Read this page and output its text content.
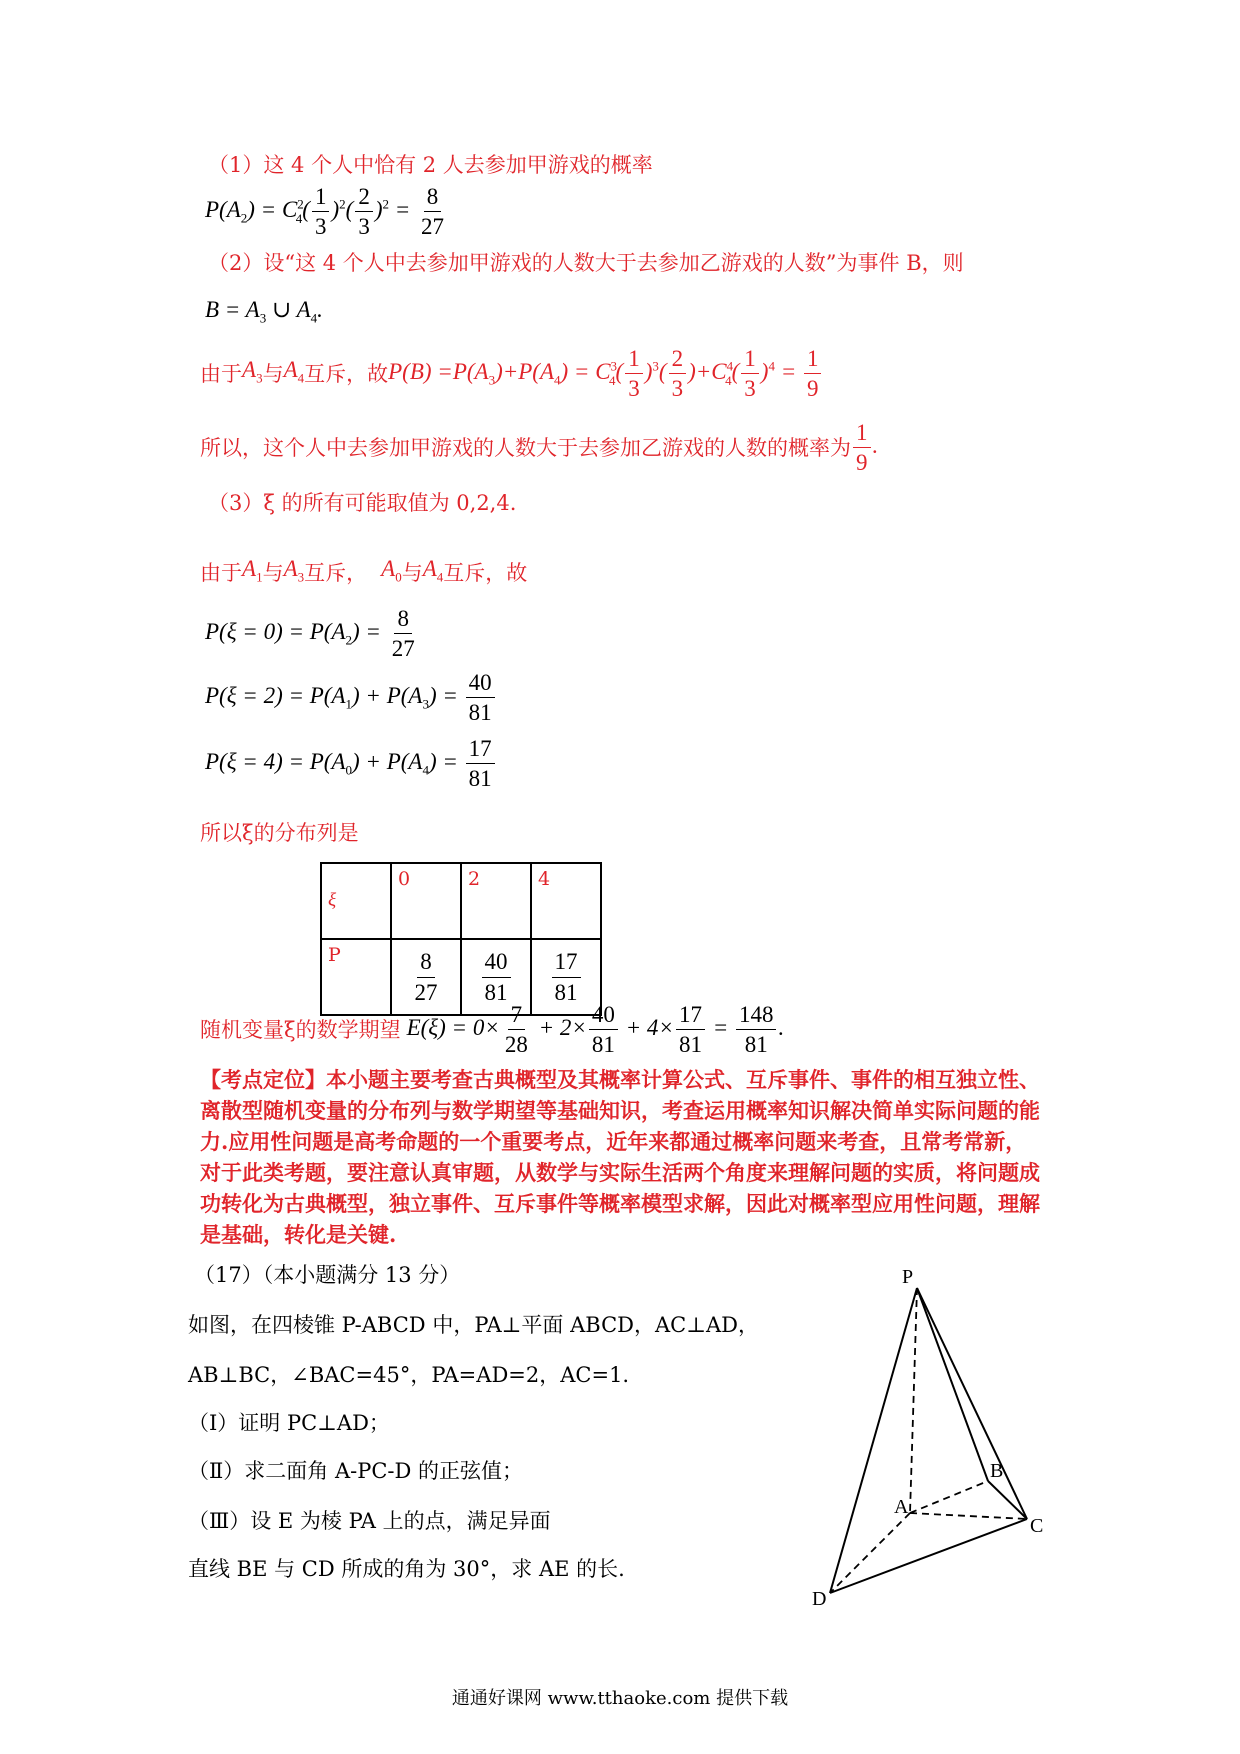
（1）这 4 个人中恰有 2 人去参加甲游戏的概率
$P(A_2) = C^2_4( \frac{1}{3} )^2( \frac{2}{3} )^2 = \frac{8}{27}$
（2）设“这 4 个人中去参加甲游戏的人数大于去参加乙游戏的人数”为事件 B，则
$B = A_3$ ∪ $A_4$.
由于 $A_3$ 与 $A_4$ 互斥，故 $P(B) =P(A_3)+P(A_4) = C^3_4( \frac{1}{3} )^3( \frac{2}{3} )+C^4_4( \frac{1}{3} )^4 = \frac{1}{9}$
所以，这个人中去参加甲游戏的人数大于去参加乙游戏的人数的概率为 $\frac{1}{9}$ .
（3）ξ 的所有可能取值为 0,2,4.
由于 $A_1$ 与 $A_3$ 互斥， $A_0$ 与 $A_4$ 互斥，故
$P(\xi = 0) = P(A_2) = \frac{8}{27}$
$P(\xi = 2) = P(A_1) + P(A_3) = \frac{40}{81}$
$P(\xi = 4) = P(A_0) + P(A_4) = \frac{17}{81}$
所以ξ的分布列是
ξ	0	2	4
P	$\frac{8}{27}$	$\frac{40}{81}$	$\frac{17}{81}$
随机变量ξ的数学期望 $E(\xi) = 0\times \frac{7}{28} + 2\times \frac{40}{81} + 4\times \frac{17}{81} = \frac{148}{81}$ .
【考点定位】本小题主要考查古典概型及其概率计算公式、互斥事件、事件的相互独立性、
离散型随机变量的分布列与数学期望等基础知识，考查运用概率知识解决简单实际问题的能
力.应用性问题是高考命题的一个重要考点，近年来都通过概率问题来考查，且常考常新，
对于此类考题，要注意认真审题，从数学与实际生活两个角度来理解问题的实质，将问题成
功转化为古典概型，独立事件、互斥事件等概率模型求解，因此对概率型应用性问题，理解
是基础，转化是关键.
（17）（本小题满分 13 分）
如图，在四棱锥 P-ABCD 中，PA⊥平面 ABCD，AC⊥AD，
AB⊥BC，∠BAC=45°，PA=AD=2，AC=1.
（Ⅰ）证明 PC⊥AD；
（Ⅱ）求二面角 A-PC-D 的正弦值；
（Ⅲ）设 E 为棱 PA 上的点，满足异面
直线 BE 与 CD 所成的角为 30°，求 AE 的长.
P
A
B
C
D
通通好课网 www.tthaoke.com 提供下载
